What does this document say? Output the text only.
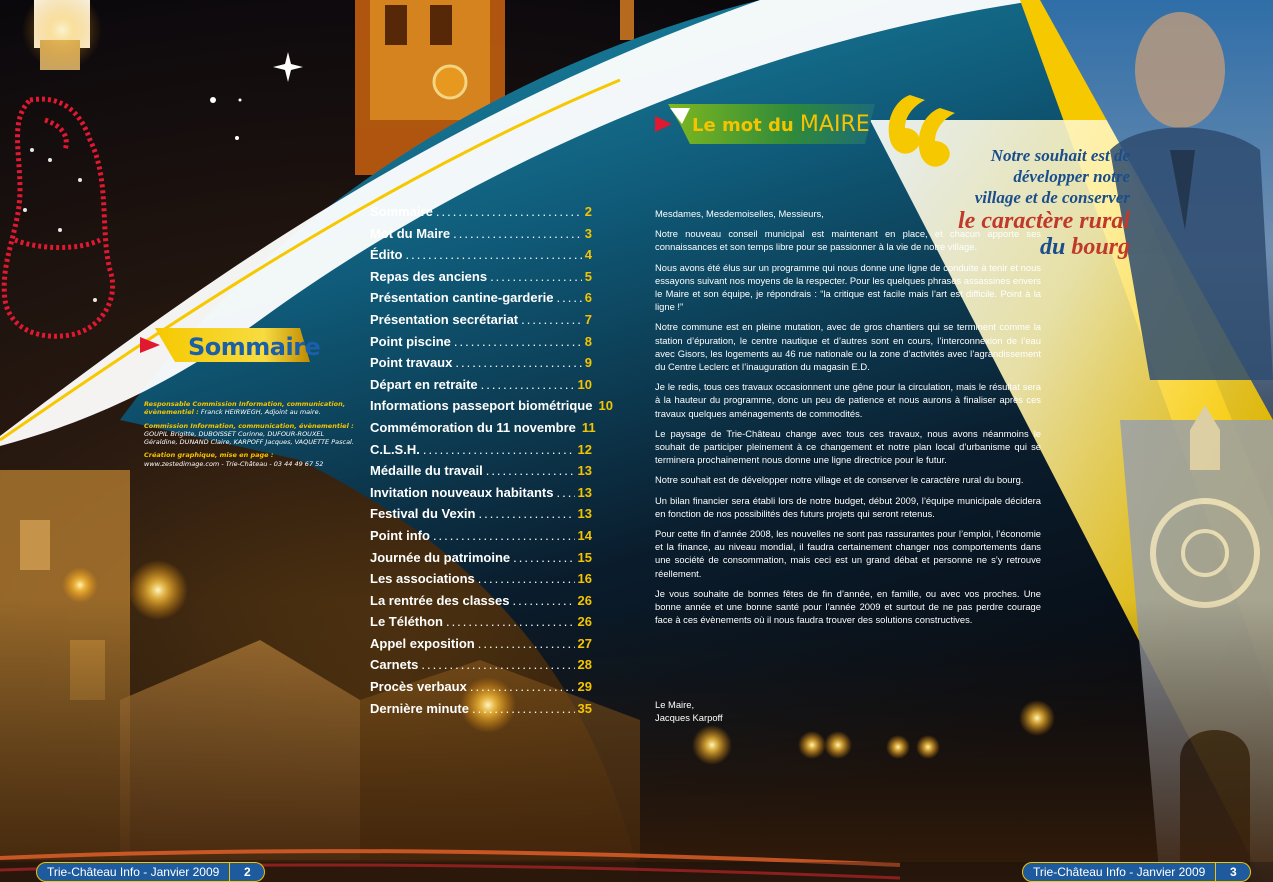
Sommaire

Responsable Commission Information, communication, évènementiel : Franck HEIRWEGH, Adjoint au maire.

Commission Information, communication, évènementiel :
GOUPIL Brigitte, DUBOISSET Corinne, DUFOUR-ROUXEL Géraldine, DUNAND Claire, KARPOFF Jacques, VAQUETTE Pascal.

Création graphique, mise en page :
www.zestedimage.com - Trie-Château - 03 44 49 67 52

Sommaire .....	2
Mot du Maire .....	3
Édito .....	4
Repas des anciens .....	5
Présentation cantine-garderie ..... 6
Présentation secrétariat .....	7
Point piscine .....	8
Point travaux .....	9
Départ en retraite .....	10
Informations passeport biométrique 10
Commémoration du 11 novembre 11
C.L.S.H. .....	12
Médaille du travail .....	13
Invitation nouveaux habitants ..... 13
Festival du Vexin .....	13
Point info .....	14
Journée du patrimoine .....	15
Les associations .....	16
La rentrée des classes .....	26
Le Téléthon .....	26
Appel exposition .....	27
Carnets .....	28
Procès verbaux .....	29
Dernière minute .....	35
Le mot du MAIRE
Notre souhait est de
développer notre
village et de conserver
le caractère rural
du bourg

Mesdames, Mesdemoiselles, Messieurs,

Notre nouveau conseil municipal est maintenant en place, et chacun apporte ses connaissances et son temps libre pour se passionner à la vie de notre village.

Nous avons été élus sur un programme qui nous donne une ligne de conduite à tenir et nous essayons suivant nos moyens de la respecter. Pour les quelques phrases assassines envers le Maire et son équipe, je répondrais : “la critique est facile mais l’art est difficile. Point à la ligne !”

Notre commune est en pleine mutation, avec de gros chantiers qui se terminent comme la station d’épuration, le centre nautique et d’autres sont en cours, l’interconnexion de l’eau avec Gisors, les logements au 46 rue nationale ou la zone d’activités avec l’agrandissement du Centre Leclerc et l’inauguration du magasin E.D.

Je le redis, tous ces travaux occasionnent une gêne pour la circulation, mais le résultat sera à la hauteur du programme, donc un peu de patience et nous aurons à finaliser après ces travaux quelques aménagements de commodités.

Le paysage de Trie-Château change avec tous ces travaux, nous avons néanmoins le souhait de participer pleinement à ce changement et notre plan local d’urbanisme qui se terminera prochainement nous donne une ligne directrice pour le futur.

Notre souhait est de développer notre village et de conserver le caractère rural du bourg.

Un bilan financier sera établi lors de notre budget, début 2009, l’équipe municipale décidera en fonction de nos possibilités des futurs projets qui seront retenus.

Pour cette fin d’année 2008, les nouvelles ne sont pas rassurantes pour l’emploi, l’économie et la finance, au niveau mondial, il faudra certainement changer nos comportements dans une société de consommation, mais ceci est un grand débat et personne ne s’y retrouve réellement.

Je vous souhaite de bonnes fêtes de fin d’année, en famille, ou avec vos proches. Une bonne année et une bonne santé pour l’année 2009 et surtout de ne pas perdre courage face à ces évènements où il nous faudra trouver des solutions constructives.

Le Maire,
Jacques Karpoff
Trie-Château Info - Janvier 2009	2	Trie-Château Info - Janvier 2009	3
